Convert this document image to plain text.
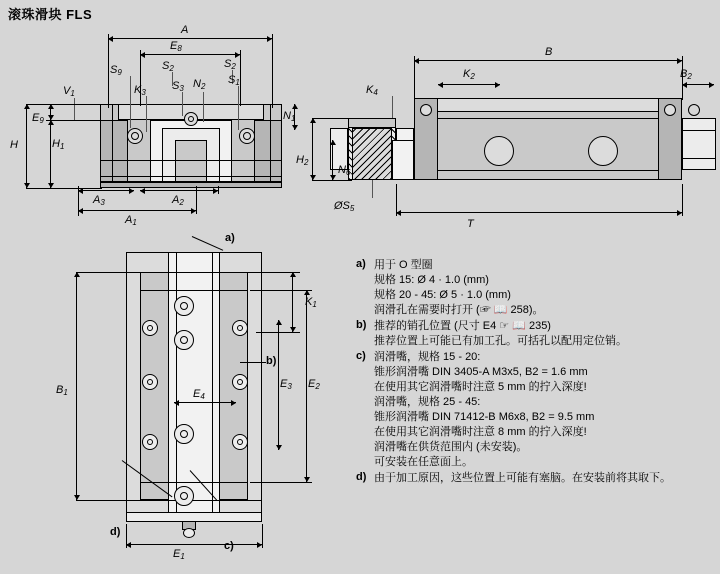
滚珠滑块 FLS
A
$E_8$
$S_2$
$S_2$
$S_9$
$S_1$
$N_2$
$K_3$
$S_3$
$V_1$
$N_1$
$E_9$
$H_1$
H
$A_3$	$A_2$
$A_1$
B
$K_2$	$B_2$
$K_4$
$H_2$
$N_6$
$ØS_5$
T
a)
b)
c)
d)
$K_1$
$E_3$ $E_2$
$B_1$	$E_4$
$E_1$
a) 用于 O 型圈
规格 15: Ø 4 · 1.0 (mm)
规格 20 - 45: Ø 5 · 1.0 (mm)
润滑孔在需要时打开 (☞ 📖 258)。
b) 推荐的销孔位置 (尺寸 E4 ☞ 📖 235)
推荐位置上可能已有加工孔。可括孔以配用定位销。
c) 润滑嘴，规格 15 - 20:
锥形润滑嘴 DIN 3405-A M3x5, B2 = 1.6 mm
在使用其它润滑嘴时注意 5 mm 的拧入深度!
润滑嘴，规格 25 - 45:
锥形润滑嘴 DIN 71412-B M6x8, B2 = 9.5 mm
在使用其它润滑嘴时注意 8 mm 的拧入深度!
润滑嘴在供货范围内 (未安装)。
可安装在任意面上。
d) 由于加工原因，这些位置上可能有塞脑。在安装前将其取下。
